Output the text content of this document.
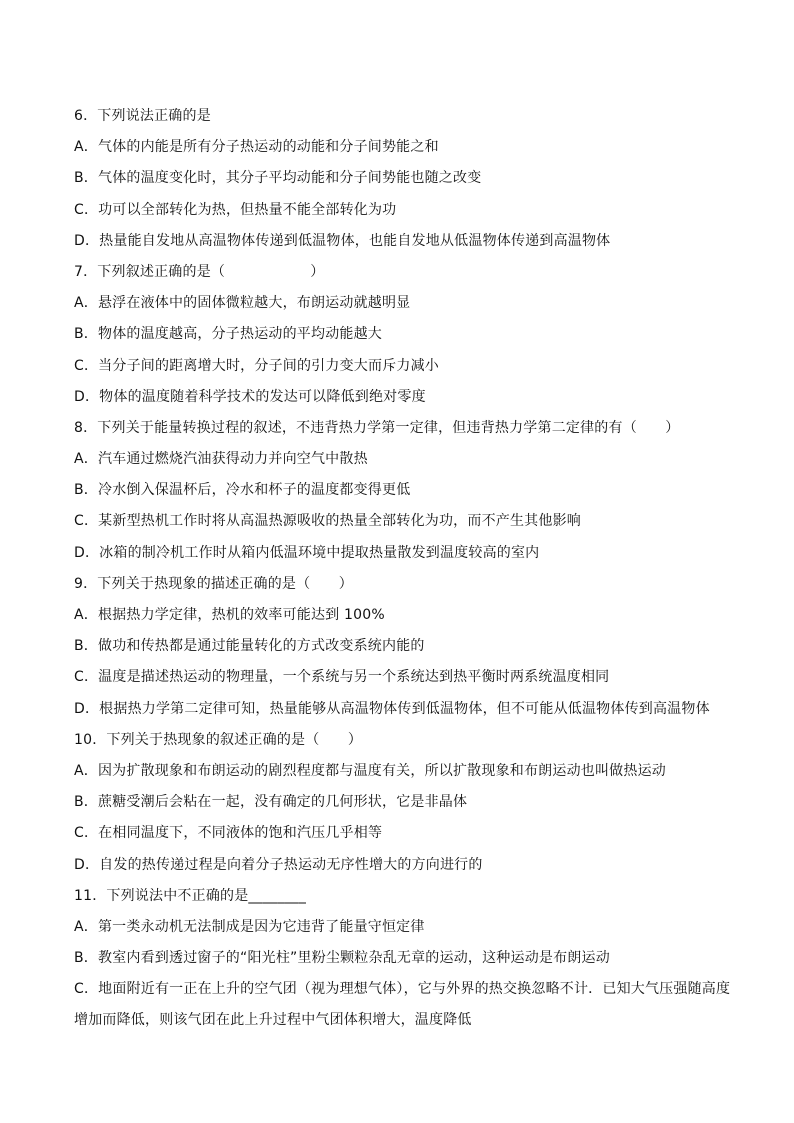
6．下列说法正确的是
A．气体的内能是所有分子热运动的动能和分子间势能之和
B．气体的温度变化时，其分子平均动能和分子间势能也随之改变
C．功可以全部转化为热，但热量不能全部转化为功
D．热量能自发地从高温物体传递到低温物体，也能自发地从低温物体传递到高温物体
7．下列叙述正确的是（　　　　　　）
A．悬浮在液体中的固体微粒越大，布朗运动就越明显
B．物体的温度越高，分子热运动的平均动能越大
C．当分子间的距离增大时，分子间的引力变大而斥力减小
D．物体的温度随着科学技术的发达可以降低到绝对零度
8．下列关于能量转换过程的叙述，不违背热力学第一定律，但违背热力学第二定律的有（　　）
A．汽车通过燃烧汽油获得动力并向空气中散热
B．冷水倒入保温杯后，冷水和杯子的温度都变得更低
C．某新型热机工作时将从高温热源吸收的热量全部转化为功，而不产生其他影响
D．冰箱的制冷机工作时从箱内低温环境中提取热量散发到温度较高的室内
9．下列关于热现象的描述正确的是（　　）
A．根据热力学定律，热机的效率可能达到 100%
B．做功和传热都是通过能量转化的方式改变系统内能的
C．温度是描述热运动的物理量，一个系统与另一个系统达到热平衡时两系统温度相同
D．根据热力学第二定律可知，热量能够从高温物体传到低温物体，但不可能从低温物体传到高温物体
10．下列关于热现象的叙述正确的是（　　）
A．因为扩散现象和布朗运动的剧烈程度都与温度有关，所以扩散现象和布朗运动也叫做热运动
B．蔗糖受潮后会粘在一起，没有确定的几何形状，它是非晶体
C．在相同温度下，不同液体的饱和汽压几乎相等
D．自发的热传递过程是向着分子热运动无序性增大的方向进行的
11．下列说法中不正确的是________
A．第一类永动机无法制成是因为它违背了能量守恒定律
B．教室内看到透过窗子的“阳光柱”里粉尘颗粒杂乱无章的运动，这种运动是布朗运动
C．地面附近有一正在上升的空气团（视为理想气体），它与外界的热交换忽略不计．已知大气压强随高度
增加而降低，则该气团在此上升过程中气团体积增大，温度降低
